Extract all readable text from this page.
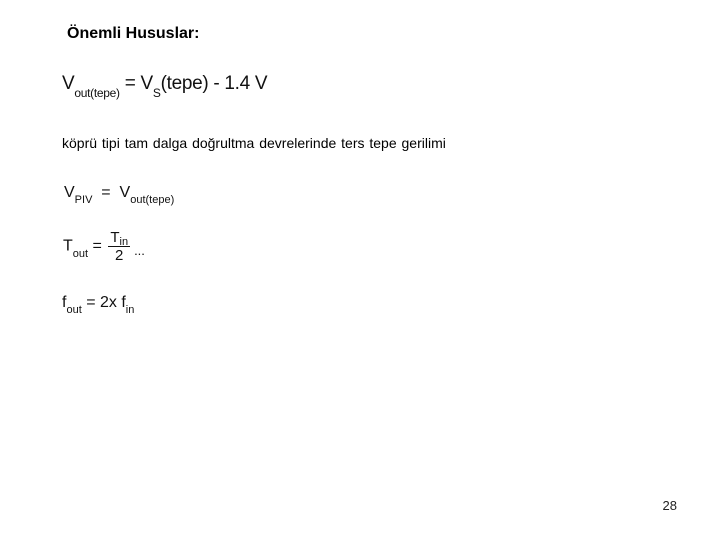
Önemli Hususlar:
$V_{out(tepe)}$ = $V_S(tepe) - 1.4$ V
köprü tipi tam dalga doğrultma devrelerinde ters tepe gerilimi
$V_{PIV} = V_{out(tepe)}$
$T_{out} = \frac{T_{in}}{2} _{...}$
$f_{out} = 2x$ $f_{in}$
28
